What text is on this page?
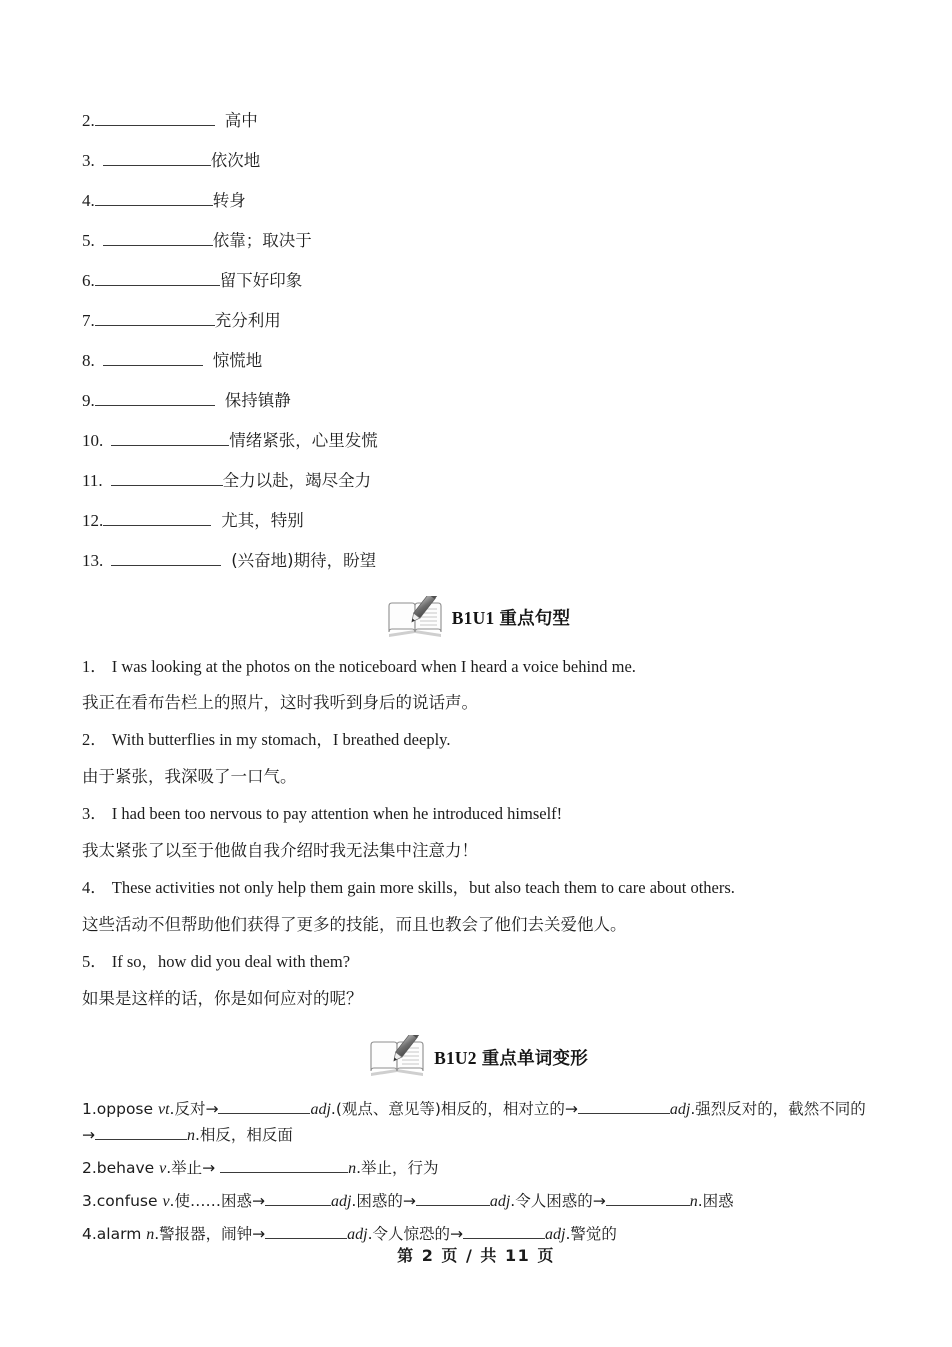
2.	高中
3.	依次地
4.	转身
5.	依靠；取决于
6.	留下好印象
7.	充分利用
8.	惊慌地
9.	保持镇静
10.	情绪紧张，心里发慌
11.	全力以赴，竭尽全力
12.	尤其，特别
13.	(兴奋地)期待，盼望
B1U1 重点句型
1． I was looking at the photos on the noticeboard when I heard a voice behind me.
我正在看布告栏上的照片，这时我听到身后的说话声。
2． With butterflies in my stomach，I breathed deeply.
由于紧张，我深吸了一口气。
3． I had been too nervous to pay attention when he introduced himself!
我太紧张了以至于他做自我介绍时我无法集中注意力！
4． These activities not only help them gain more skills，but also teach them to care about others.
这些活动不但帮助他们获得了更多的技能，而且也教会了他们去关爱他人。
5． If so，how did you deal with them?
如果是这样的话，你是如何应对的呢？
B1U2 重点单词变形
1.oppose vt.反对→	adj.(观点、意见等)相反的，相对立的→	adj.强烈反对的，截然不同的→	n.相反，相反面
2.behave v.举止→	n.举止，行为
3.confuse v.使……困惑→	adj.困惑的→	adj.令人困惑的→	n.困惑
4.alarm n.警报器，闹钟→	adj.令人惊恐的→	adj.警觉的
第 2 页 / 共 11 页
